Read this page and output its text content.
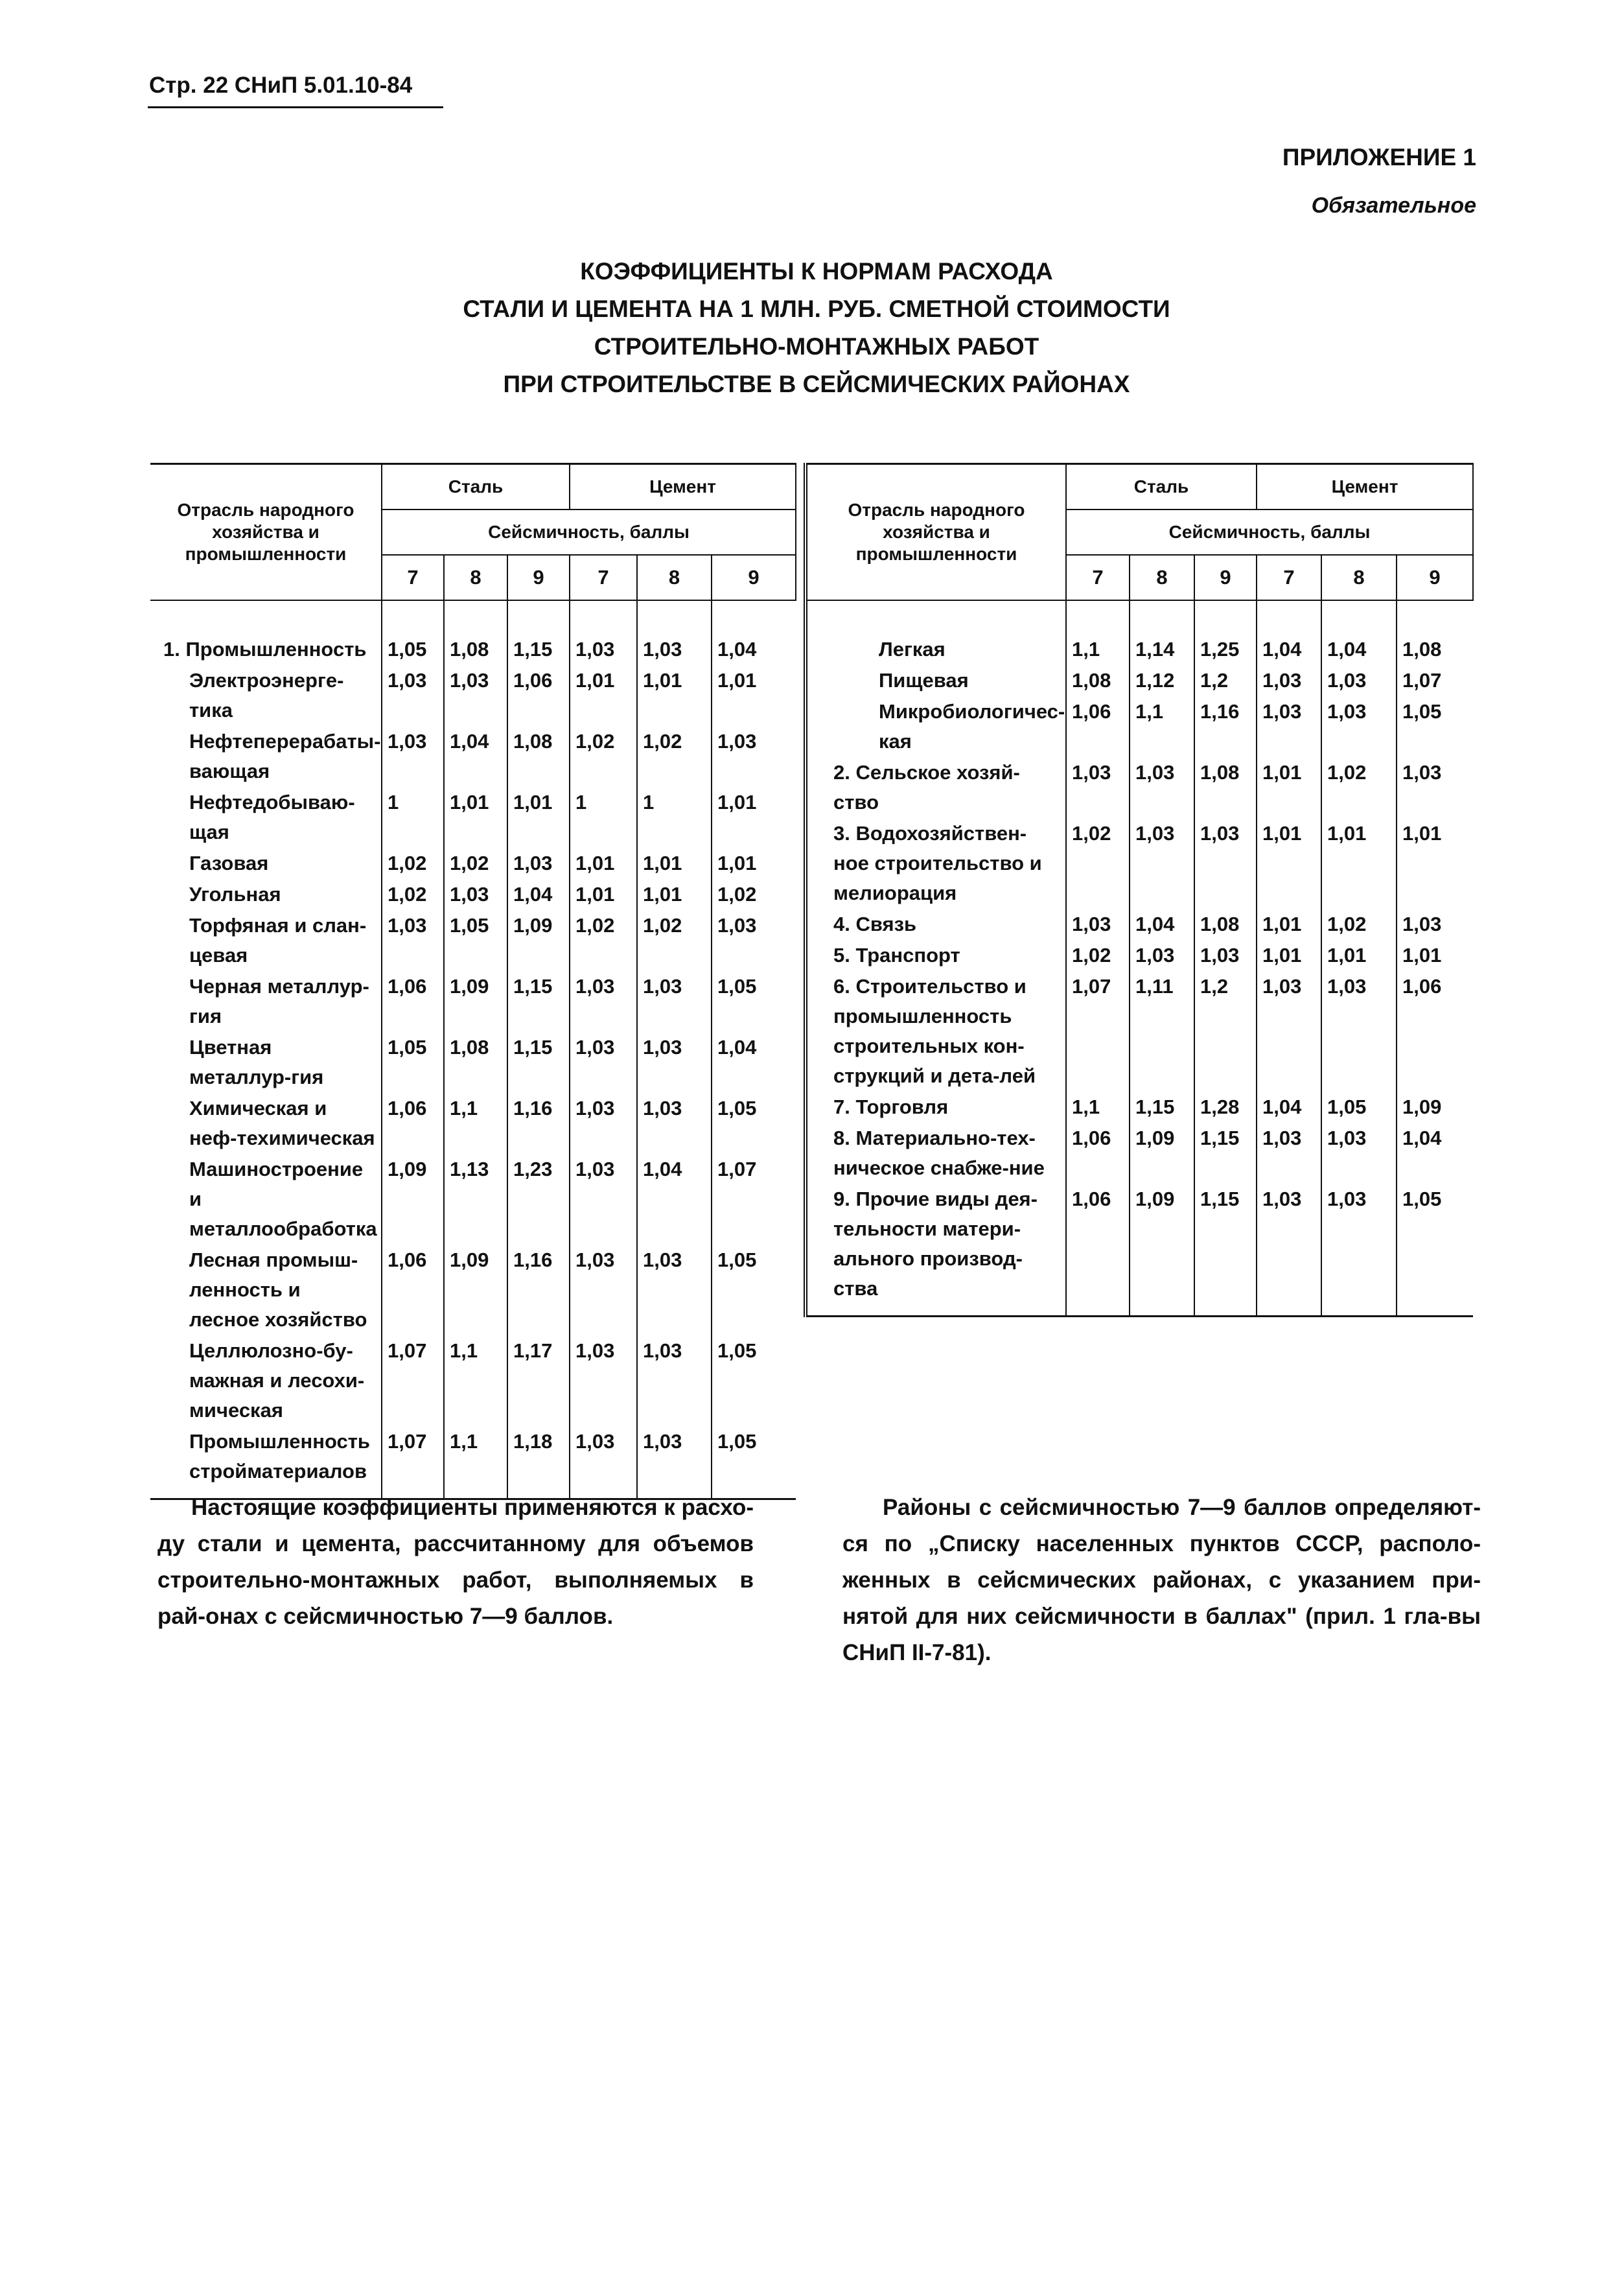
Стр. 22 СНиП 5.01.10-84
ПРИЛОЖЕНИЕ 1
Обязательное
КОЭФФИЦИЕНТЫ К НОРМАМ РАСХОДА
СТАЛИ И ЦЕМЕНТА НА 1 МЛН. РУБ. СМЕТНОЙ СТОИМОСТИ
СТРОИТЕЛЬНО-МОНТАЖНЫХ РАБОТ
ПРИ СТРОИТЕЛЬСТВЕ В СЕЙСМИЧЕСКИХ РАЙОНАХ
Отрасль народного хозяйства и промышленности	Сталь			Цемент		
	Сейсмичность, баллы					
	7	8	9	7	8	9

1. Промышленность	1,05	1,08	1,15	1,03	1,03	1,04

Электроэнерге-тика	1,03	1,03	1,06	1,01	1,01	1,01

Нефтеперерабаты-вающая	1,03	1,04	1,08	1,02	1,02	1,03

Нефтедобываю-щая	1	1,01	1,01	1	1	1,01

Газовая	1,02	1,02	1,03	1,01	1,01	1,01

Угольная	1,02	1,03	1,04	1,01	1,01	1,02

Торфяная и слан-цевая	1,03	1,05	1,09	1,02	1,02	1,03

Черная металлур-гия	1,06	1,09	1,15	1,03	1,03	1,05

Цветная металлур-гия	1,05	1,08	1,15	1,03	1,03	1,04

Химическая и неф-техимическая	1,06	1,1	1,16	1,03	1,03	1,05

Машиностроение и металлообработка	1,09	1,13	1,23	1,03	1,04	1,07

Лесная промыш-ленность и лесное хозяйство	1,06	1,09	1,16	1,03	1,03	1,05

Целлюлозно-бу-мажная и лесохи-мическая	1,07	1,1	1,17	1,03	1,03	1,05

Промышленность стройматериалов	1,07	1,1	1,18	1,03	1,03	1,05

Отрасль народного хозяйства и промышленности	Сталь			Цемент		
	Сейсмичность, баллы					
	7	8	9	7	8	9

Легкая	1,1	1,14	1,25	1,04	1,04	1,08

Пищевая	1,08	1,12	1,2	1,03	1,03	1,07

Микробиологичес-кая	1,06	1,1	1,16	1,03	1,03	1,05

2. Сельское хозяй-ство	1,03	1,03	1,08	1,01	1,02	1,03

3. Водохозяйствен-ное строительство и мелиорация	1,02	1,03	1,03	1,01	1,01	1,01

4. Связь	1,03	1,04	1,08	1,01	1,02	1,03

5. Транспорт	1,02	1,03	1,03	1,01	1,01	1,01

6. Строительство и промышленность строительных кон-струкций и дета-лей	1,07	1,11	1,2	1,03	1,03	1,06

7. Торговля	1,1	1,15	1,28	1,04	1,05	1,09

8. Материально-тех-ническое снабже-ние	1,06	1,09	1,15	1,03	1,03	1,04

9. Прочие виды дея-тельности матери-ального производ-ства	1,06	1,09	1,15	1,03	1,03	1,05

Настоящие коэффициенты применяются к расхо-ду стали и цемента, рассчитанному для объемов строительно-монтажных работ, выполняемых в рай-онах с сейсмичностью 7—9 баллов.
Районы с сейсмичностью 7—9 баллов определяют-ся по „Списку населенных пунктов СССР, располо-женных в сейсмических районах, с указанием при-нятой для них сейсмичности в баллах" (прил. 1 гла-вы СНиП II-7-81).
